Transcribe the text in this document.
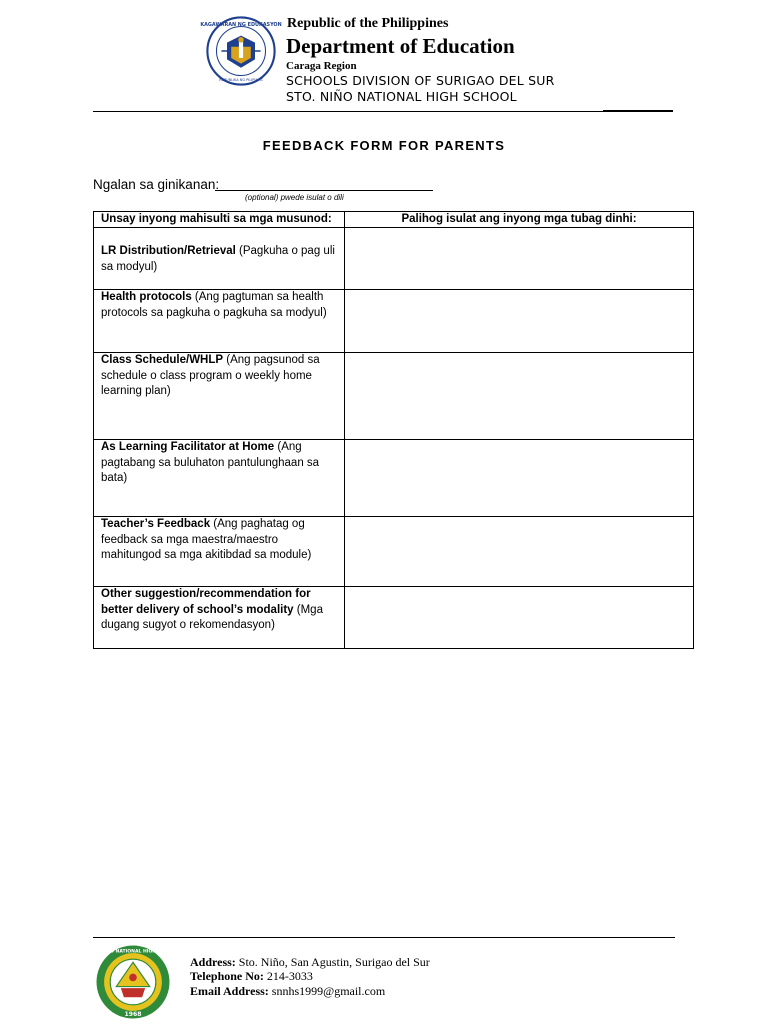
KAGAWARAN NG EDUKASYON
REPUBLIKA NG PILIPINAS
Republic of the Philippines
Department of Education
Caraga Region
SCHOOLS DIVISION OF SURIGAO DEL SUR
STO. NIÑO NATIONAL HIGH SCHOOL
FEEDBACK FORM FOR PARENTS
Ngalan sa ginikanan:
(optional) pwede isulat o dili
Unsay inyong mahisulti sa mga musunod:	Palihog isulat ang inyong mga tubag dinhi:
LR Distribution/Retrieval (Pagkuha o pag uli sa modyul)	
Health protocols (Ang pagtuman sa health protocols sa pagkuha o pagkuha sa modyul)	
Class Schedule/WHLP (Ang pagsunod sa schedule o class program o weekly home learning plan)	
As Learning Facilitator at Home (Ang pagtabang sa buluhaton pantulunghaan sa bata)	
Teacher’s Feedback (Ang paghatag og feedback sa mga maestra/maestro mahitungod sa mga akitibdad sa module)	
Other suggestion/recommendation for better delivery of school’s modality (Mga dugang sugyot o rekomendasyon)	
STO. NIÑO NATIONAL HIGH SCHOOL
1968
Address: Sto. Niño, San Agustin, Surigao del Sur
Telephone No: 214-3033
Email Address: snnhs1999@gmail.com
